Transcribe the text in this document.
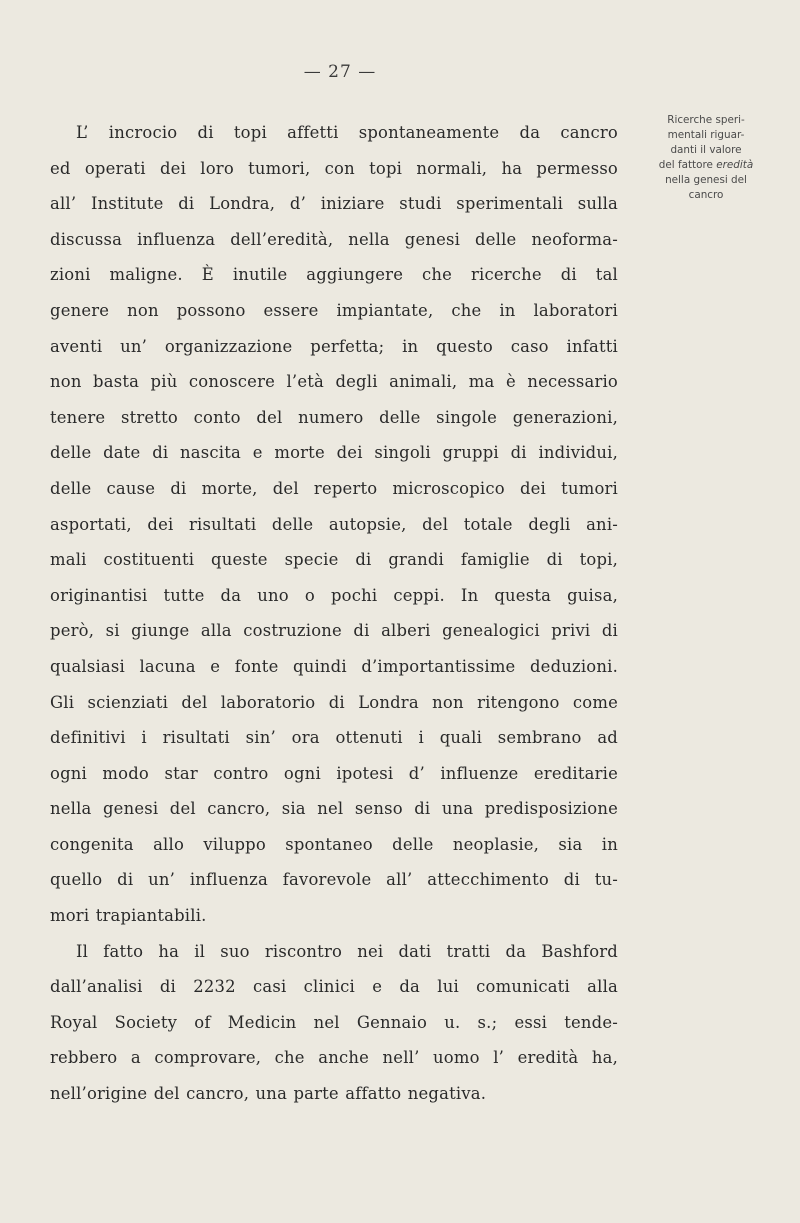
— 27 —
Ricerche speri-
mentali riguar-
danti il valore
del fattore eredità
nella genesi del
cancro
L’ incrocio di topi affetti spontaneamente da cancro
ed operati dei loro tumori, con topi normali, ha permesso
all’ Institute di Londra, d’ iniziare studi sperimentali sulla
discussa influenza dell’eredità, nella genesi delle neoforma-
zioni maligne. È inutile aggiungere che ricerche di tal
genere non possono essere impiantate, che in laboratori
aventi un’ organizzazione perfetta; in questo caso infatti
non basta più conoscere l’età degli animali, ma è necessario
tenere stretto conto del numero delle singole generazioni,
delle date di nascita e morte dei singoli gruppi di individui,
delle cause di morte, del reperto microscopico dei tumori
asportati, dei risultati delle autopsie, del totale degli ani-
mali costituenti queste specie di grandi famiglie di topi,
originantisi tutte da uno o pochi ceppi. In questa guisa,
però, si giunge alla costruzione di alberi genealogici privi di
qualsiasi lacuna e fonte quindi d’importantissime deduzioni.
Gli scienziati del laboratorio di Londra non ritengono come
definitivi i risultati sin’ ora ottenuti i quali sembrano ad
ogni modo star contro ogni ipotesi d’ influenze ereditarie
nella genesi del cancro, sia nel senso di una predisposizione
congenita allo viluppo spontaneo delle neoplasie, sia in
quello di un’ influenza favorevole all’ attecchimento di tu-
mori trapiantabili.
Il fatto ha il suo riscontro nei dati tratti da Bashford
dall’analisi di 2232 casi clinici e da lui comunicati alla
Royal Society of Medicin nel Gennaio u. s.; essi tende-
rebbero a comprovare, che anche nell’ uomo l’ eredità ha,
nell’origine del cancro, una parte affatto negativa.
